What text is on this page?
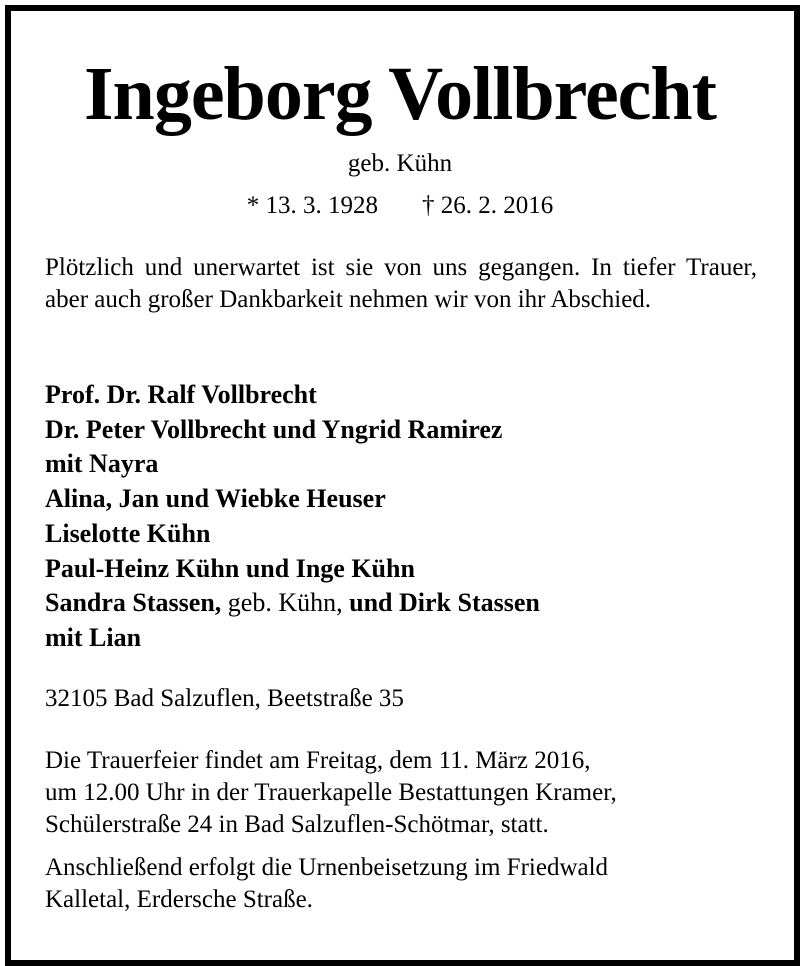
Ingeborg Vollbrecht
geb. Kühn
* 13. 3. 1928 † 26. 2. 2016
Plötzlich und unerwartet ist sie von uns gegangen. In tiefer Trauer, aber auch großer Dankbarkeit nehmen wir von ihr Abschied.
Prof. Dr. Ralf Vollbrecht
Dr. Peter Vollbrecht und Yngrid Ramirez
mit Nayra
Alina, Jan und Wiebke Heuser
Liselotte Kühn
Paul-Heinz Kühn und Inge Kühn
Sandra Stassen, geb. Kühn, und Dirk Stassen
mit Lian
32105 Bad Salzuflen, Beetstraße 35
Die Trauerfeier findet am Freitag, dem 11. März 2016,
um 12.00 Uhr in der Trauerkapelle Bestattungen Kramer,
Schülerstraße 24 in Bad Salzuflen-Schötmar, statt.
Anschließend erfolgt die Urnenbeisetzung im Friedwald
Kalletal, Erdersche Straße.
